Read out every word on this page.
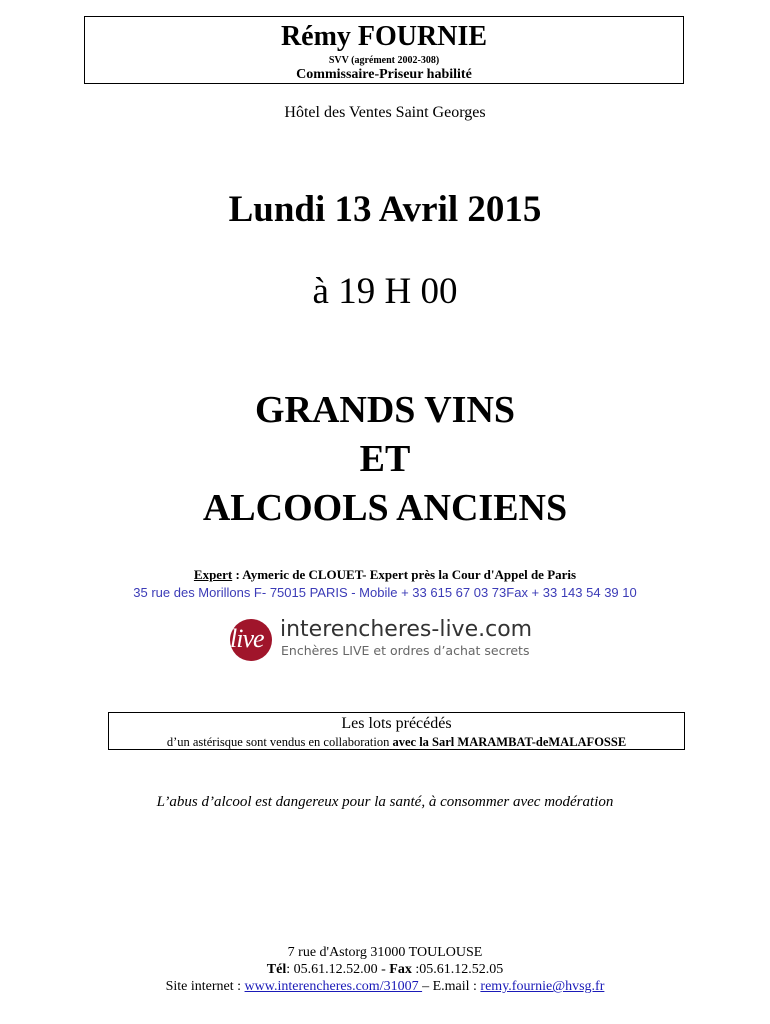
Rémy FOURNIE
SVV (agrément 2002-308)
Commissaire-Priseur habilité
Hôtel des Ventes Saint Georges
Lundi 13 Avril 2015
à 19 H 00
GRANDS VINS
ET
ALCOOLS ANCIENS
Expert : Aymeric de CLOUET- Expert près la Cour d'Appel de Paris
35 rue des Morillons F- 75015 PARIS - Mobile + 33 615 67 03 73Fax + 33 143 54 39 10
live interencheres-live.com
Enchères LIVE et ordres d’achat secrets
Les lots précédés
d’un astérisque sont vendus en collaboration avec la Sarl MARAMBAT-deMALAFOSSE
L’abus d’alcool est dangereux pour la santé, à consommer avec modération
7 rue d'Astorg 31000 TOULOUSE
Tél: 05.61.12.52.00 - Fax :05.61.12.52.05
Site internet : www.interencheres.com/31007 – E.mail : remy.fournie@hvsg.fr
